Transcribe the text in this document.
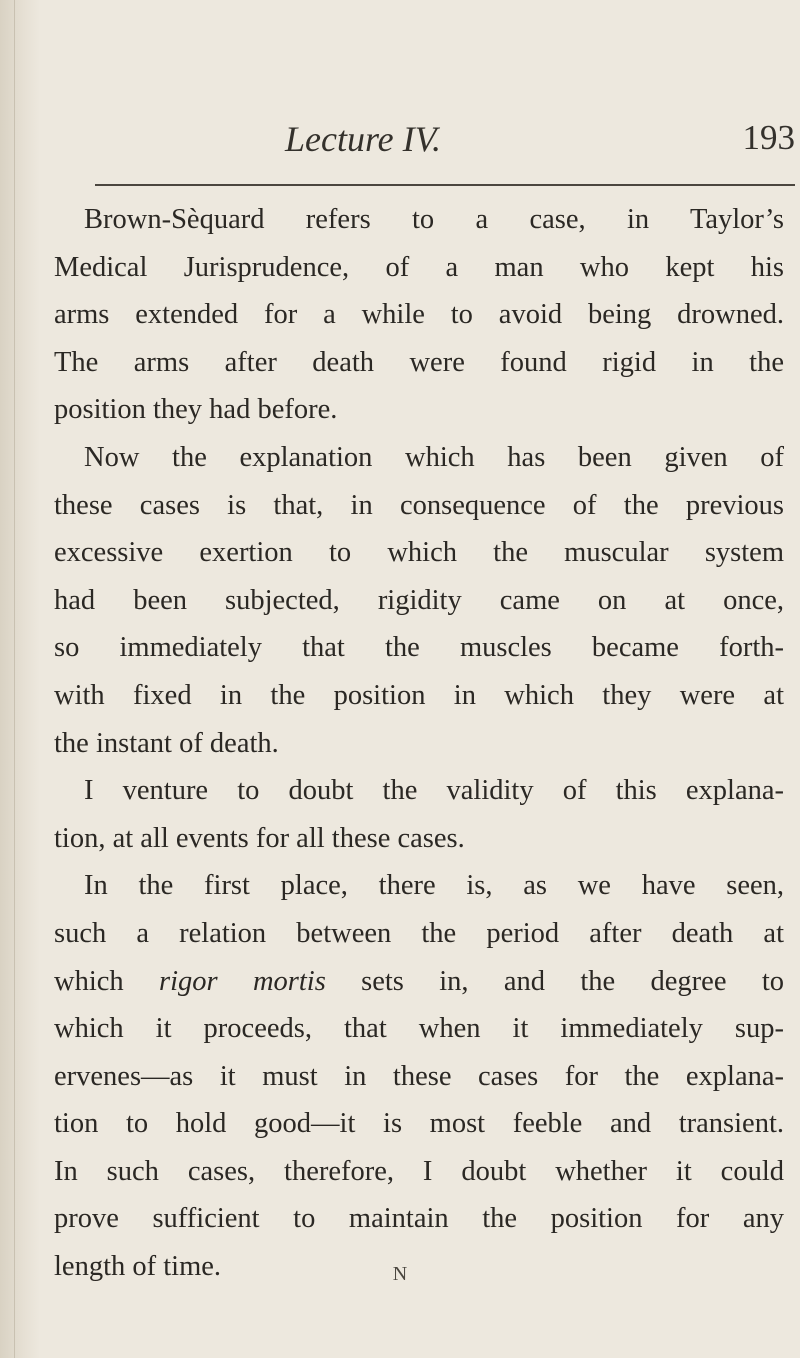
Lecture IV.	193
Brown-Sèquard refers to a case, in Taylor’s
Medical Jurisprudence, of a man who kept his
arms extended for a while to avoid being drowned.
The arms after death were found rigid in the
position they had before.
Now the explanation which has been given of
these cases is that, in consequence of the previous
excessive exertion to which the muscular system
had been subjected, rigidity came on at once,
so immediately that the muscles became forth-
with fixed in the position in which they were at
the instant of death.
I venture to doubt the validity of this explana-
tion, at all events for all these cases.
In the first place, there is, as we have seen,
such a relation between the period after death at
which rigor mortis sets in, and the degree to
which it proceeds, that when it immediately sup-
ervenes—as it must in these cases for the explana-
tion to hold good—it is most feeble and transient.
In such cases, therefore, I doubt whether it could
prove sufficient to maintain the position for any
length of time.	N
